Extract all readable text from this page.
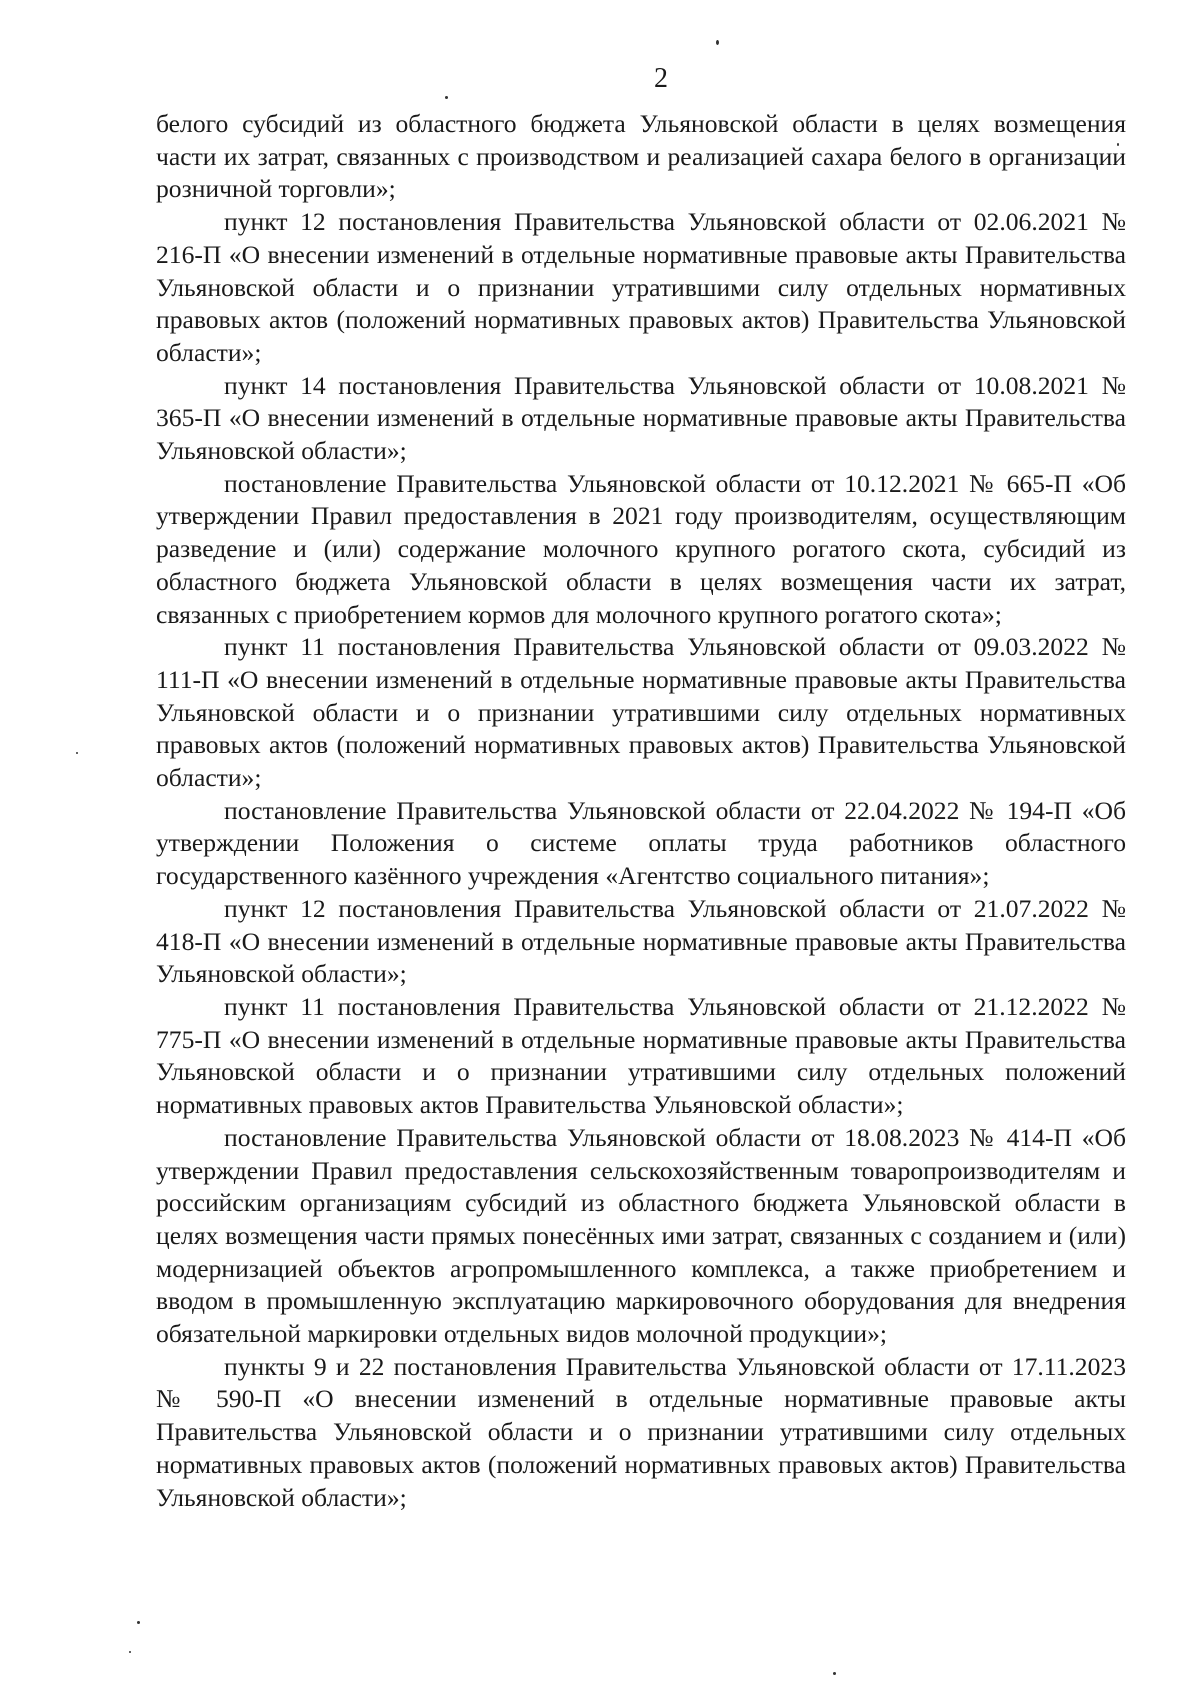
2

белого субсидий из областного бюджета Ульяновской области в целях возмещения части их затрат, связанных с производством и реализацией сахара белого в организации розничной торговли»;

пункт 12 постановления Правительства Ульяновской области от 02.06.2021 № 216-П «О внесении изменений в отдельные нормативные правовые акты Правительства Ульяновской области и о признании утратившими силу отдельных нормативных правовых актов (положений нормативных правовых актов) Правительства Ульяновской области»;

пункт 14 постановления Правительства Ульяновской области от 10.08.2021 № 365-П «О внесении изменений в отдельные нормативные правовые акты Правительства Ульяновской области»;

постановление Правительства Ульяновской области от 10.12.2021 № 665-П «Об утверждении Правил предоставления в 2021 году производителям, осуществляющим разведение и (или) содержание молочного крупного рогатого скота, субсидий из областного бюджета Ульяновской области в целях возмещения части их затрат, связанных с приобретением кормов для молочного крупного рогатого скота»;

пункт 11 постановления Правительства Ульяновской области от 09.03.2022 № 111-П «О внесении изменений в отдельные нормативные правовые акты Правительства Ульяновской области и о признании утратившими силу отдельных нормативных правовых актов (положений нормативных правовых актов) Правительства Ульяновской области»;

постановление Правительства Ульяновской области от 22.04.2022 № 194-П «Об утверждении Положения о системе оплаты труда работников областного государственного казённого учреждения «Агентство социального питания»;

пункт 12 постановления Правительства Ульяновской области от 21.07.2022 № 418-П «О внесении изменений в отдельные нормативные правовые акты Правительства Ульяновской области»;

пункт 11 постановления Правительства Ульяновской области от 21.12.2022 № 775-П «О внесении изменений в отдельные нормативные правовые акты Правительства Ульяновской области и о признании утратившими силу отдельных положений нормативных правовых актов Правительства Ульяновской области»;

постановление Правительства Ульяновской области от 18.08.2023 № 414-П «Об утверждении Правил предоставления сельскохозяйственным товаропроизводителям и российским организациям субсидий из областного бюджета Ульяновской области в целях возмещения части прямых понесённых ими затрат, связанных с созданием и (или) модернизацией объектов агропромышленного комплекса, а также приобретением и вводом в промышленную эксплуатацию маркировочного оборудования для внедрения обязательной маркировки отдельных видов молочной продукции»;

пункты 9 и 22 постановления Правительства Ульяновской области от 17.11.2023 № 590-П «О внесении изменений в отдельные нормативные правовые акты Правительства Ульяновской области и о признании утратившими силу отдельных нормативных правовых актов (положений нормативных правовых актов) Правительства Ульяновской области»;
